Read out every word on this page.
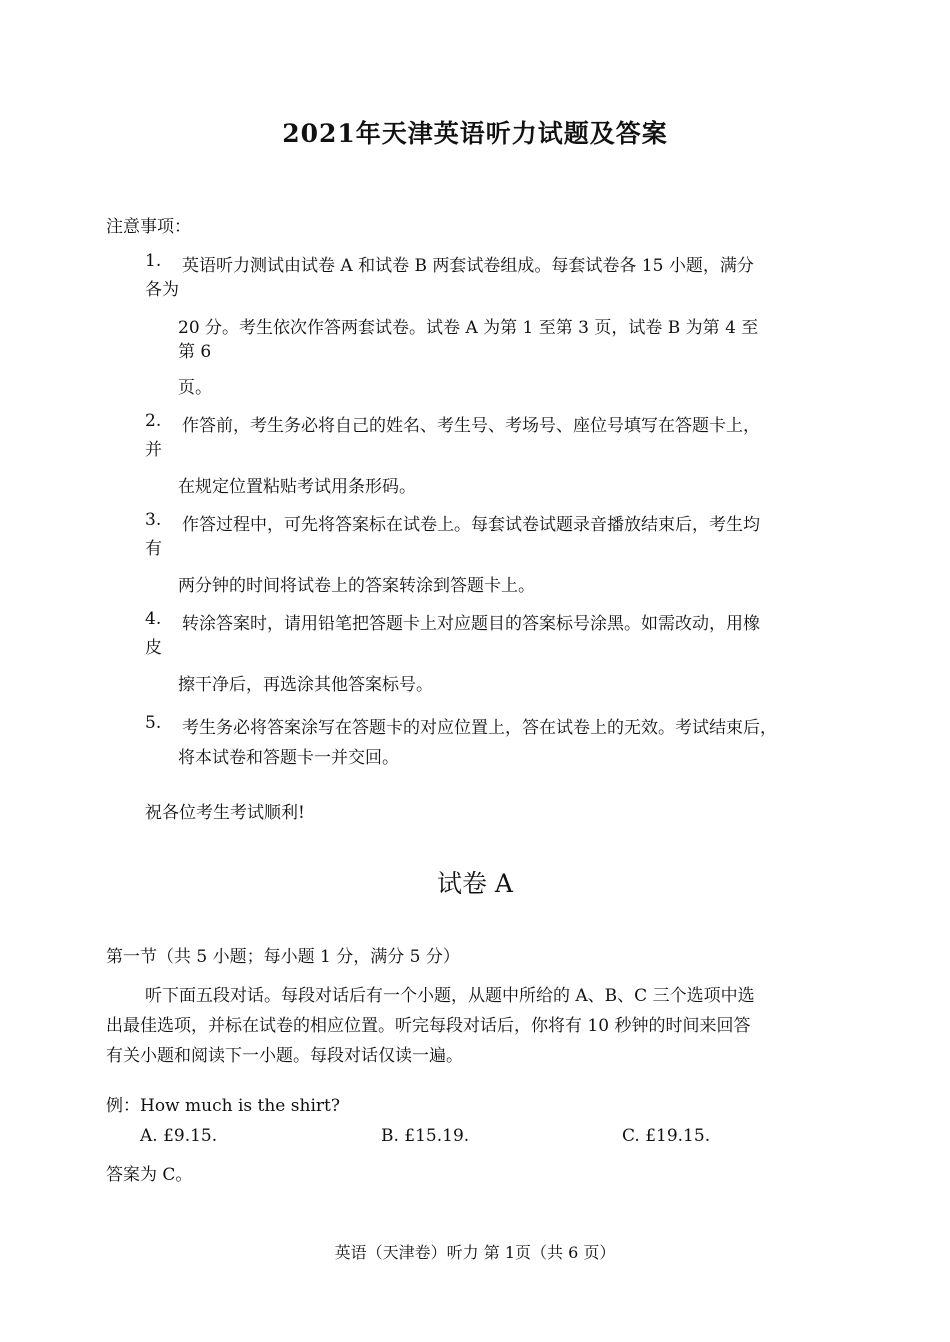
2021年天津英语听力试题及答案
注意事项：
1. 英语听力测试由试卷 A 和试卷 B 两套试卷组成。每套试卷各 15 小题，满分
各为
20 分。考生依次作答两套试卷。试卷 A 为第 1 至第 3 页，试卷 B 为第 4 至
第 6
页。
2. 作答前，考生务必将自己的姓名、考生号、考场号、座位号填写在答题卡上，
并
在规定位置粘贴考试用条形码。
3. 作答过程中，可先将答案标在试卷上。每套试卷试题录音播放结束后，考生均
有
两分钟的时间将试卷上的答案转涂到答题卡上。
4. 转涂答案时，请用铅笔把答题卡上对应题目的答案标号涂黑。如需改动，用橡
皮
擦干净后，再选涂其他答案标号。
5. 考生务必将答案涂写在答题卡的对应位置上，答在试卷上的无效。考试结束后，
将本试卷和答题卡一并交回。
祝各位考生考试顺利!
试卷 A
第一节（共 5 小题；每小题 1 分，满分 5 分）
听下面五段对话。每段对话后有一个小题，从题中所给的 A、B、C 三个选项中选
出最佳选项，并标在试卷的相应位置。听完每段对话后，你将有 10 秒钟的时间来回答
有关小题和阅读下一小题。每段对话仅读一遍。
例：How much is the shirt?
A. £9.15.	B. £15.19.	C. £19.15.
答案为 C。
英语（天津卷）听力 第 1页（共 6 页）
